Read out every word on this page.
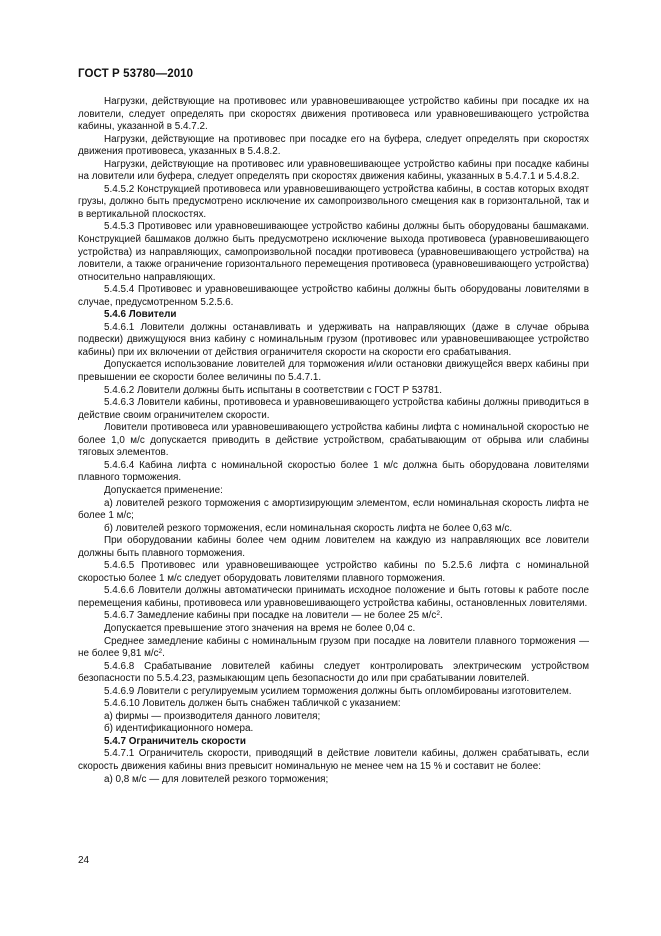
ГОСТ Р 53780—2010

Нагрузки, действующие на противовес или уравновешивающее устройство кабины при посадке их на ловители, следует определять при скоростях движения противовеса или уравновешивающего устройства кабины, указанной в 5.4.7.2.

Нагрузки, действующие на противовес при посадке его на буфера, следует определять при скоростях движения противовеса, указанных в 5.4.8.2.

Нагрузки, действующие на противовес или уравновешивающее устройство кабины при посадке кабины на ловители или буфера, следует определять при скоростях движения кабины, указанных в 5.4.7.1 и 5.4.8.2.

5.4.5.2 Конструкцией противовеса или уравновешивающего устройства кабины, в состав которых входят грузы, должно быть предусмотрено исключение их самопроизвольного смещения как в горизонтальной, так и в вертикальной плоскостях.

5.4.5.3 Противовес или уравновешивающее устройство кабины должны быть оборудованы башмаками. Конструкцией башмаков должно быть предусмотрено исключение выхода противовеса (уравновешивающего устройства) из направляющих, самопроизвольной посадки противовеса (уравновешивающего устройства) на ловители, а также ограничение горизонтального перемещения противовеса (уравновешивающего устройства) относительно направляющих.

5.4.5.4 Противовес и уравновешивающее устройство кабины должны быть оборудованы ловителями в случае, предусмотренном 5.2.5.6.

5.4.6 Ловители

5.4.6.1 Ловители должны останавливать и удерживать на направляющих (даже в случае обрыва подвески) движущуюся вниз кабину с номинальным грузом (противовес или уравновешивающее устройство кабины) при их включении от действия ограничителя скорости на скорости его срабатывания.

Допускается использование ловителей для торможения и/или остановки движущейся вверх кабины при превышении ее скорости более величины по 5.4.7.1.

5.4.6.2 Ловители должны быть испытаны в соответствии с ГОСТ Р 53781.

5.4.6.3 Ловители кабины, противовеса и уравновешивающего устройства кабины должны приводиться в действие своим ограничителем скорости.

Ловители противовеса или уравновешивающего устройства кабины лифта с номинальной скоростью не более 1,0 м/с допускается приводить в действие устройством, срабатывающим от обрыва или слабины тяговых элементов.

5.4.6.4 Кабина лифта с номинальной скоростью более 1 м/с должна быть оборудована ловителями плавного торможения.

Допускается применение:

а) ловителей резкого торможения с амортизирующим элементом, если номинальная скорость лифта не более 1 м/с;

б) ловителей резкого торможения, если номинальная скорость лифта не более 0,63 м/с.

При оборудовании кабины более чем одним ловителем на каждую из направляющих все ловители должны быть плавного торможения.

5.4.6.5 Противовес или уравновешивающее устройство кабины по 5.2.5.6 лифта с номинальной скоростью более 1 м/с следует оборудовать ловителями плавного торможения.

5.4.6.6 Ловители должны автоматически принимать исходное положение и быть готовы к работе после перемещения кабины, противовеса или уравновешивающего устройства кабины, остановленных ловителями.

5.4.6.7 Замедление кабины при посадке на ловители — не более 25 $м/с^2$.

Допускается превышение этого значения на время не более 0,04 с.

Среднее замедление кабины с номинальным грузом при посадке на ловители плавного торможения — не более 9,81 $м/с^2$.

5.4.6.8 Срабатывание ловителей кабины следует контролировать электрическим устройством безопасности по 5.5.4.23, размыкающим цепь безопасности до или при срабатывании ловителей.

5.4.6.9 Ловители с регулируемым усилием торможения должны быть опломбированы изготовителем.

5.4.6.10 Ловитель должен быть снабжен табличкой с указанием:

а) фирмы — производителя данного ловителя;

б) идентификационного номера.

5.4.7 Ограничитель скорости

5.4.7.1 Ограничитель скорости, приводящий в действие ловители кабины, должен срабатывать, если скорость движения кабины вниз превысит номинальную не менее чем на 15 % и составит не более:

а) 0,8 м/с — для ловителей резкого торможения;

24
